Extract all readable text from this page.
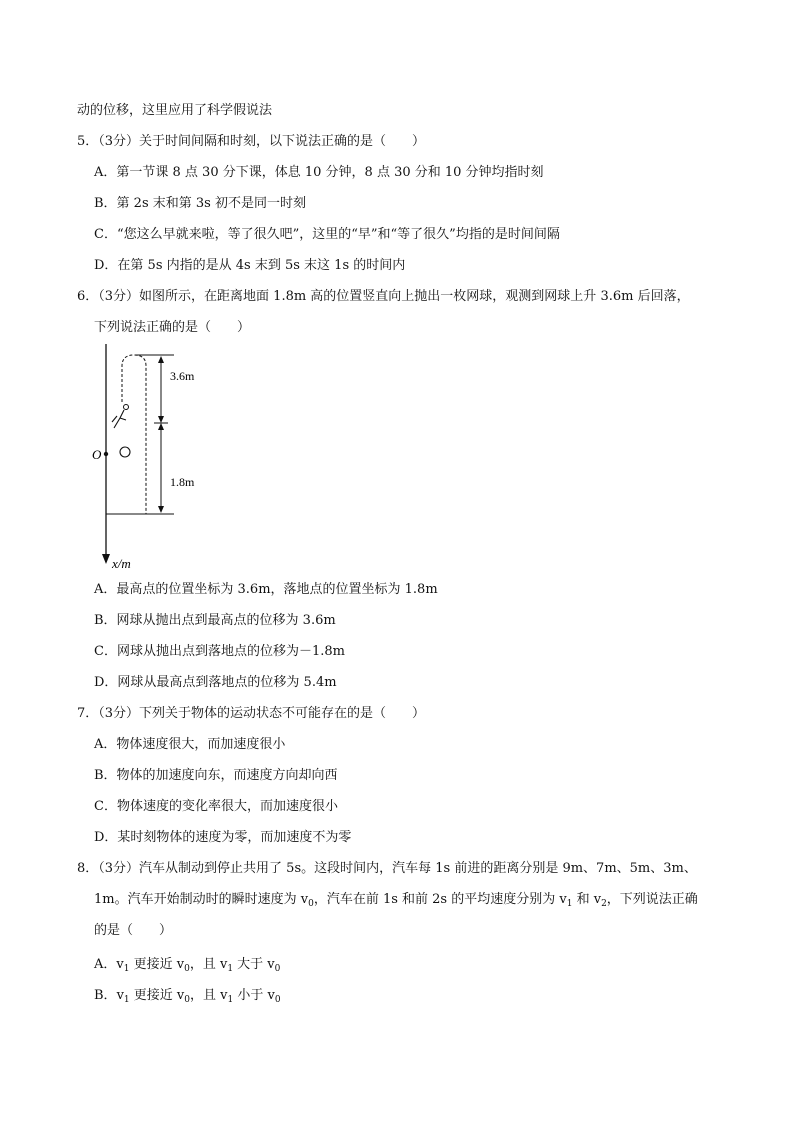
动的位移，这里应用了科学假说法
5．（3分）关于时间间隔和时刻，以下说法正确的是（　　）
A．第一节课 8 点 30 分下课，体息 10 分钟，8 点 30 分和 10 分钟均指时刻
B．第 2s 末和第 3s 初不是同一时刻
C．“您这么早就来啦，等了很久吧”，这里的“早”和“等了很久”均指的是时间间隔
D．在第 5s 内指的是从 4s 末到 5s 末这 1s 的时间内
6．（3分）如图所示，在距离地面 1.8m 高的位置竖直向上抛出一枚网球，观测到网球上升 3.6m 后回落，
下列说法正确的是（　　）
O
3.6m
1.8m
x/m
A．最高点的位置坐标为 3.6m，落地点的位置坐标为 1.8m
B．网球从抛出点到最高点的位移为 3.6m
C．网球从抛出点到落地点的位移为－1.8m
D．网球从最高点到落地点的位移为 5.4m
7．（3分）下列关于物体的运动状态不可能存在的是（　　）
A．物体速度很大，而加速度很小
B．物体的加速度向东，而速度方向却向西
C．物体速度的变化率很大，而加速度很小
D．某时刻物体的速度为零，而加速度不为零
8．（3分）汽车从制动到停止共用了 5s。这段时间内，汽车每 1s 前进的距离分别是 9m、7m、5m、3m、
1m。汽车开始制动时的瞬时速度为 $v_0$，汽车在前 1s 和前 2s 的平均速度分别为 $v_1$ 和 $v_2$，下列说法正确
的是（　　）
A．$v_1$ 更接近 $v_0$，且 $v_1$ 大于 $v_0$
B．$v_1$ 更接近 $v_0$，且 $v_1$ 小于 $v_0$
